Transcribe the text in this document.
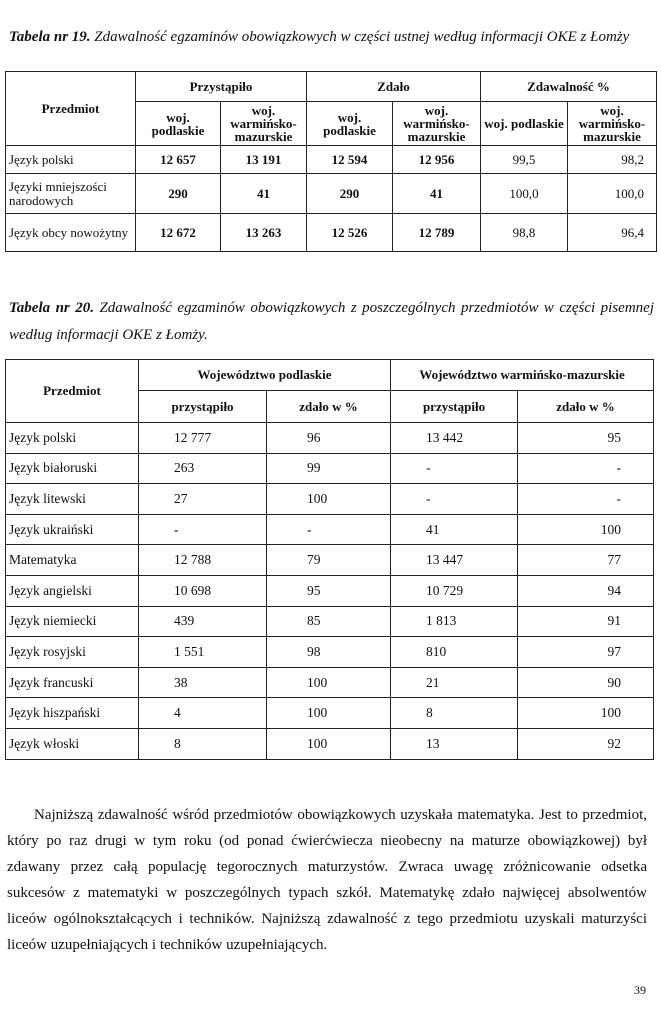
Tabela nr 19. Zdawalność egzaminów obowiązkowych w części ustnej według informacji OKE z Łomży
Przedmiot	Przystąpiło		Zdało		Zdawalność %	
	woj. podlaskie	woj. warmińsko-mazurskie	woj. podlaskie	woj. warmińsko-mazurskie	woj. podlaskie	woj. warmińsko-mazurskie
Język polski	12 657	13 191	12 594	12 956	99,5	98,2
Języki mniejszości narodowych	290	41	290	41	100,0	100,0
Język obcy nowożytny	12 672	13 263	12 526	12 789	98,8	96,4
Tabela nr 20. Zdawalność egzaminów obowiązkowych z poszczególnych przedmiotów w części pisemnej według informacji OKE z Łomży.
Przedmiot	Województwo podlaskie		Województwo warmińsko-mazurskie	
	przystąpiło	zdało w %	przystąpiło	zdało w %
Język polski	12 777	96	13 442	95
Język białoruski	263	99	-	-
Język litewski	27	100	-	-
Język ukraiński	-	-	41	100
Matematyka	12 788	79	13 447	77
Język angielski	10 698	95	10 729	94
Język niemiecki	439	85	1 813	91
Język rosyjski	1 551	98	810	97
Język francuski	38	100	21	90
Język hiszpański	4	100	8	100
Język włoski	8	100	13	92

Najniższą zdawalność wśród przedmiotów obowiązkowych uzyskała matematyka. Jest to przedmiot, który po raz drugi w tym roku (od ponad ćwierćwiecza nieobecny na maturze obowiązkowej) był zdawany przez całą populację tegorocznych maturzystów. Zwraca uwagę zróżnicowanie odsetka sukcesów z matematyki w poszczególnych typach szkół. Matematykę zdało najwięcej absolwentów liceów ogólnokształcących i techników. Najniższą zdawalność z tego przedmiotu uzyskali maturzyści liceów uzupełniających i techników uzupełniających.

39
